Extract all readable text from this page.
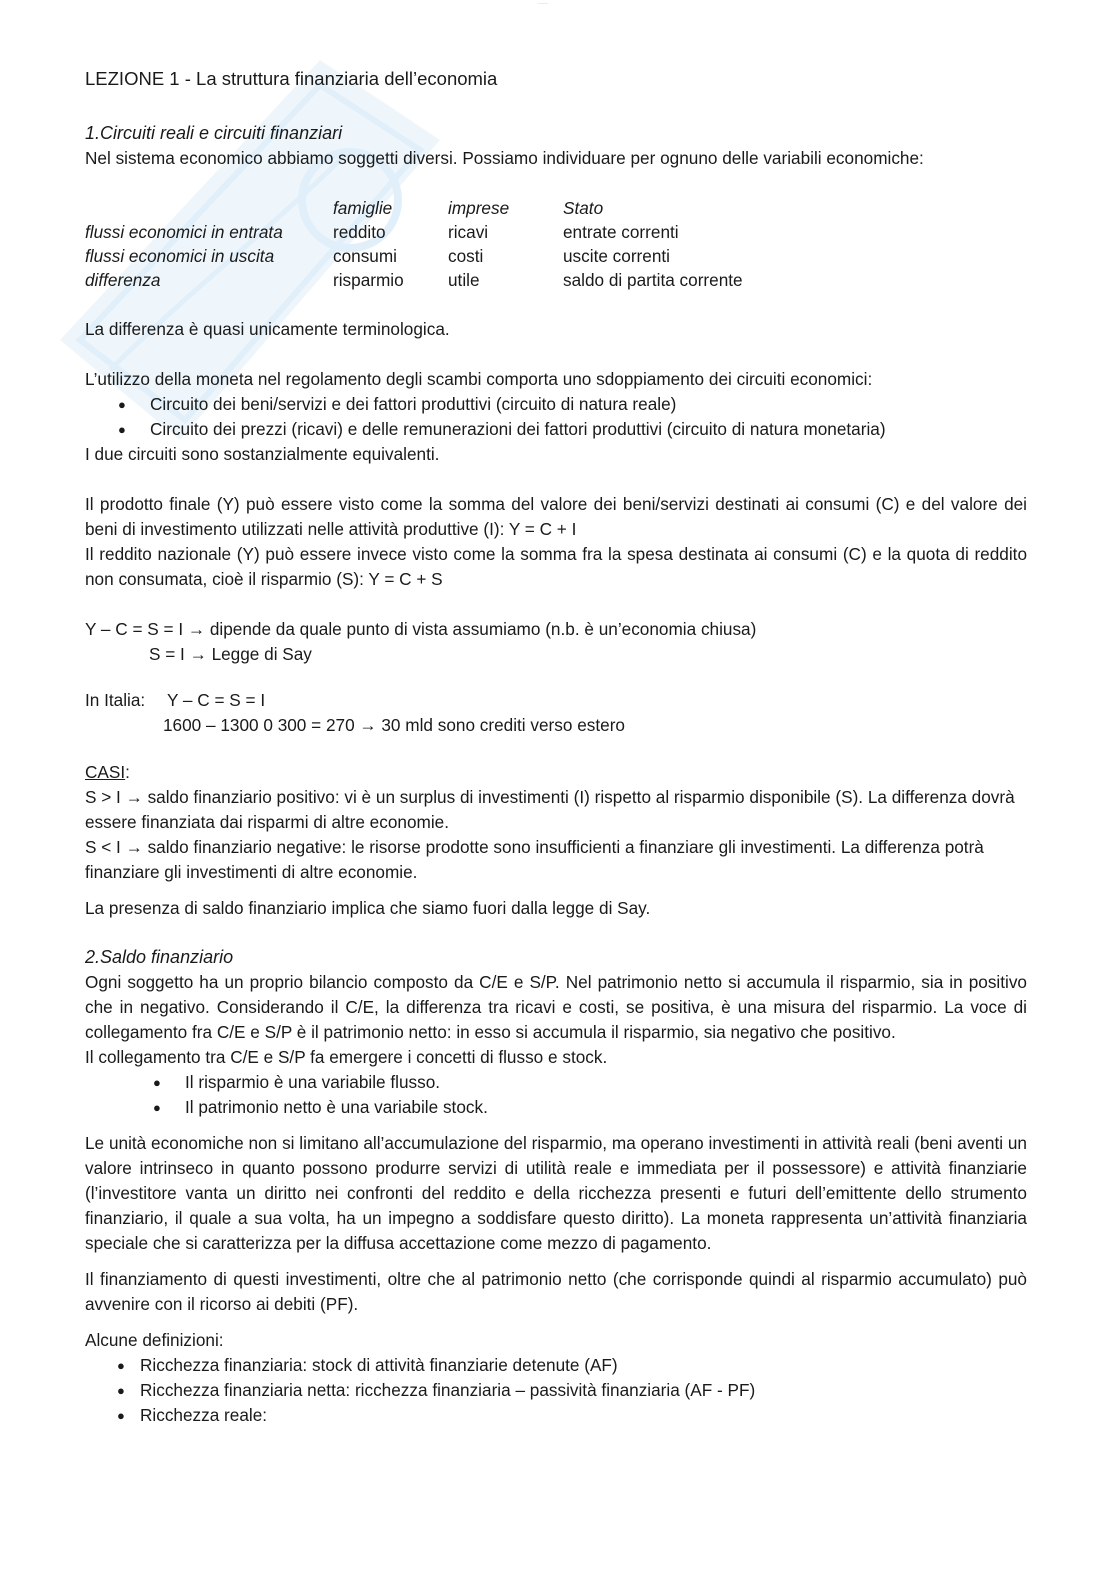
·····

LEZIONE 1 - La struttura finanziaria dell’economia

1.Circuiti reali e circuiti finanziari

Nel sistema economico abbiamo soggetti diversi. Possiamo individuare per ognuno delle variabili economiche:

	famiglie	imprese	Stato
flussi economici in entrata	reddito	ricavi	entrate correnti
flussi economici in uscita	consumi	costi	uscite correnti
differenza	risparmio	utile	saldo di partita corrente

La differenza è quasi unicamente terminologica.

L’utilizzo della moneta nel regolamento degli scambi comporta uno sdoppiamento dei circuiti economici:

● Circuito dei beni/servizi e dei fattori produttivi (circuito di natura reale)
● Circuito dei prezzi (ricavi) e delle remunerazioni dei fattori produttivi (circuito di natura monetaria)

I due circuiti sono sostanzialmente equivalenti.

Il prodotto finale (Y) può essere visto come la somma del valore dei beni/servizi destinati ai consumi (C) e del valore dei beni di investimento utilizzati nelle attività produttive (I): Y = C + I

Il reddito nazionale (Y) può essere invece visto come la somma fra la spesa destinata ai consumi (C) e la quota di reddito non consumata, cioè il risparmio (S): Y = C + S

Y – C = S = I → dipende da quale punto di vista assumiamo (n.b. è un’economia chiusa)

S = I → Legge di Say

In Italia: Y – C = S = I

1600 – 1300 0 300 = 270 → 30 mld sono crediti verso estero

CASI:

S > I → saldo finanziario positivo: vi è un surplus di investimenti (I) rispetto al risparmio disponibile (S). La differenza dovrà essere finanziata dai risparmi di altre economie.

S < I → saldo finanziario negative: le risorse prodotte sono insufficienti a finanziare gli investimenti. La differenza potrà finanziare gli investimenti di altre economie.

La presenza di saldo finanziario implica che siamo fuori dalla legge di Say.

2.Saldo finanziario

Ogni soggetto ha un proprio bilancio composto da C/E e S/P. Nel patrimonio netto si accumula il risparmio, sia in positivo che in negativo. Considerando il C/E, la differenza tra ricavi e costi, se positiva, è una misura del risparmio. La voce di collegamento fra C/E e S/P è il patrimonio netto: in esso si accumula il risparmio, sia negativo che positivo.

Il collegamento tra C/E e S/P fa emergere i concetti di flusso e stock.

● Il risparmio è una variabile flusso.
● Il patrimonio netto è una variabile stock.

Le unità economiche non si limitano all’accumulazione del risparmio, ma operano investimenti in attività reali (beni aventi un valore intrinseco in quanto possono produrre servizi di utilità reale e immediata per il possessore) e attività finanziarie (l’investitore vanta un diritto nei confronti del reddito e della ricchezza presenti e futuri dell’emittente dello strumento finanziario, il quale a sua volta, ha un impegno a soddisfare questo diritto). La moneta rappresenta un’attività finanziaria speciale che si caratterizza per la diffusa accettazione come mezzo di pagamento.

Il finanziamento di questi investimenti, oltre che al patrimonio netto (che corrisponde quindi al risparmio accumulato) può avvenire con il ricorso ai debiti (PF).

Alcune definizioni:

● Ricchezza finanziaria: stock di attività finanziarie detenute (AF)
● Ricchezza finanziaria netta: ricchezza finanziaria – passività finanziaria (AF - PF)
● Ricchezza reale:
